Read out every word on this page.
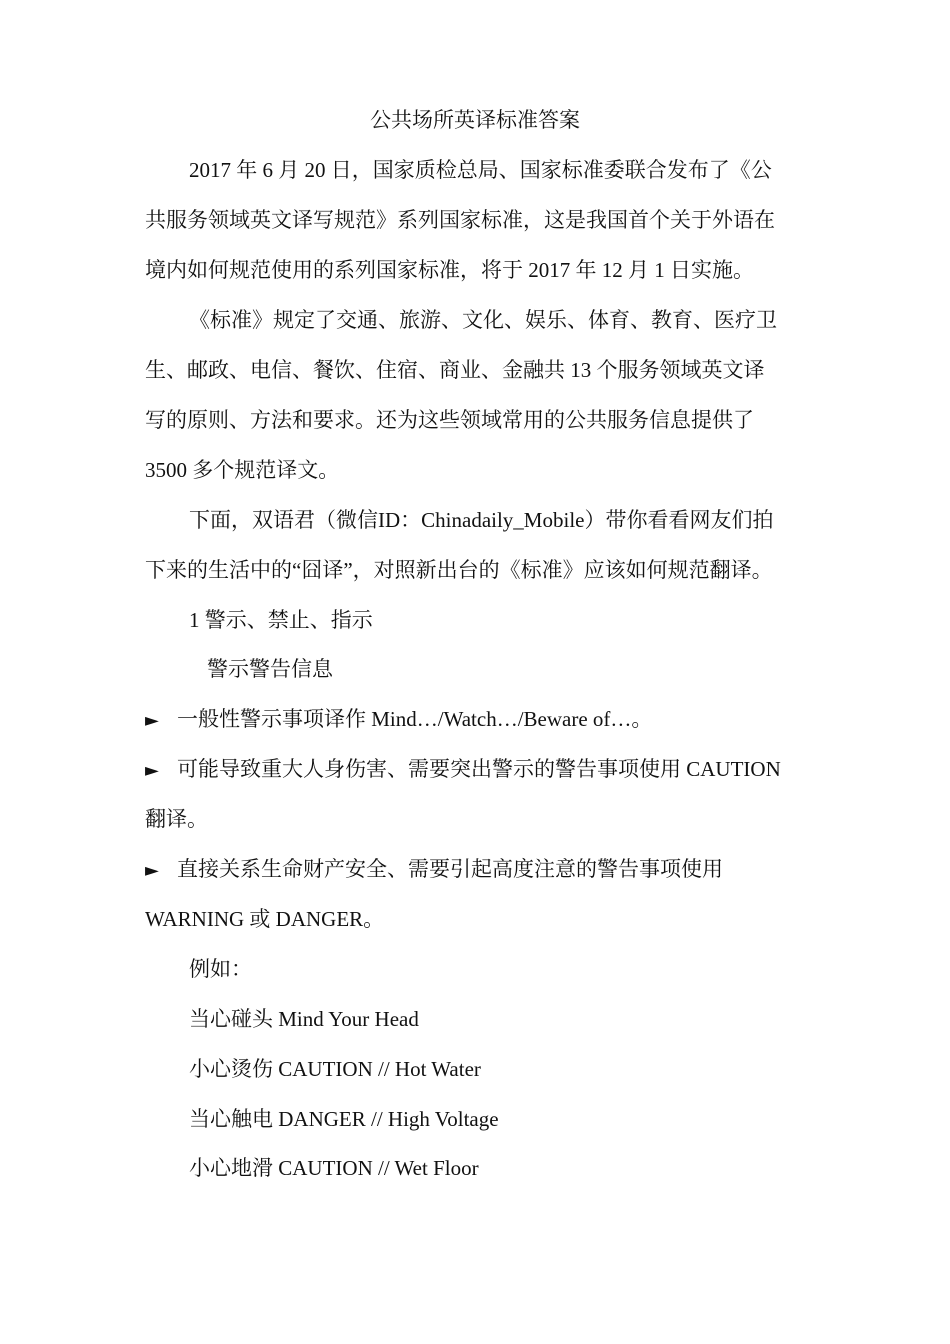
公共场所英译标准答案
2017 年 6 月 20 日，国家质检总局、国家标准委联合发布了《公
共服务领域英文译写规范》系列国家标准，这是我国首个关于外语在
境内如何规范使用的系列国家标准，将于 2017 年 12 月 1 日实施。
《标准》规定了交通、旅游、文化、娱乐、体育、教育、医疗卫
生、邮政、电信、餐饮、住宿、商业、金融共 13 个服务领域英文译
写的原则、方法和要求。还为这些领域常用的公共服务信息提供了
3500 多个规范译文。
下面，双语君（微信ID：Chinadaily_Mobile）带你看看网友们拍
下来的生活中的“囧译”，对照新出台的《标准》应该如何规范翻译。
1 警示、禁止、指示
警示警告信息
► 一般性警示事项译作 Mind…/Watch…/Beware of…。
► 可能导致重大人身伤害、需要突出警示的警告事项使用 CAUTION
翻译。
► 直接关系生命财产安全、需要引起高度注意的警告事项使用
WARNING 或 DANGER。
例如：
当心碰头 Mind Your Head
小心烫伤 CAUTION // Hot Water
当心触电 DANGER // High Voltage
小心地滑 CAUTION // Wet Floor
